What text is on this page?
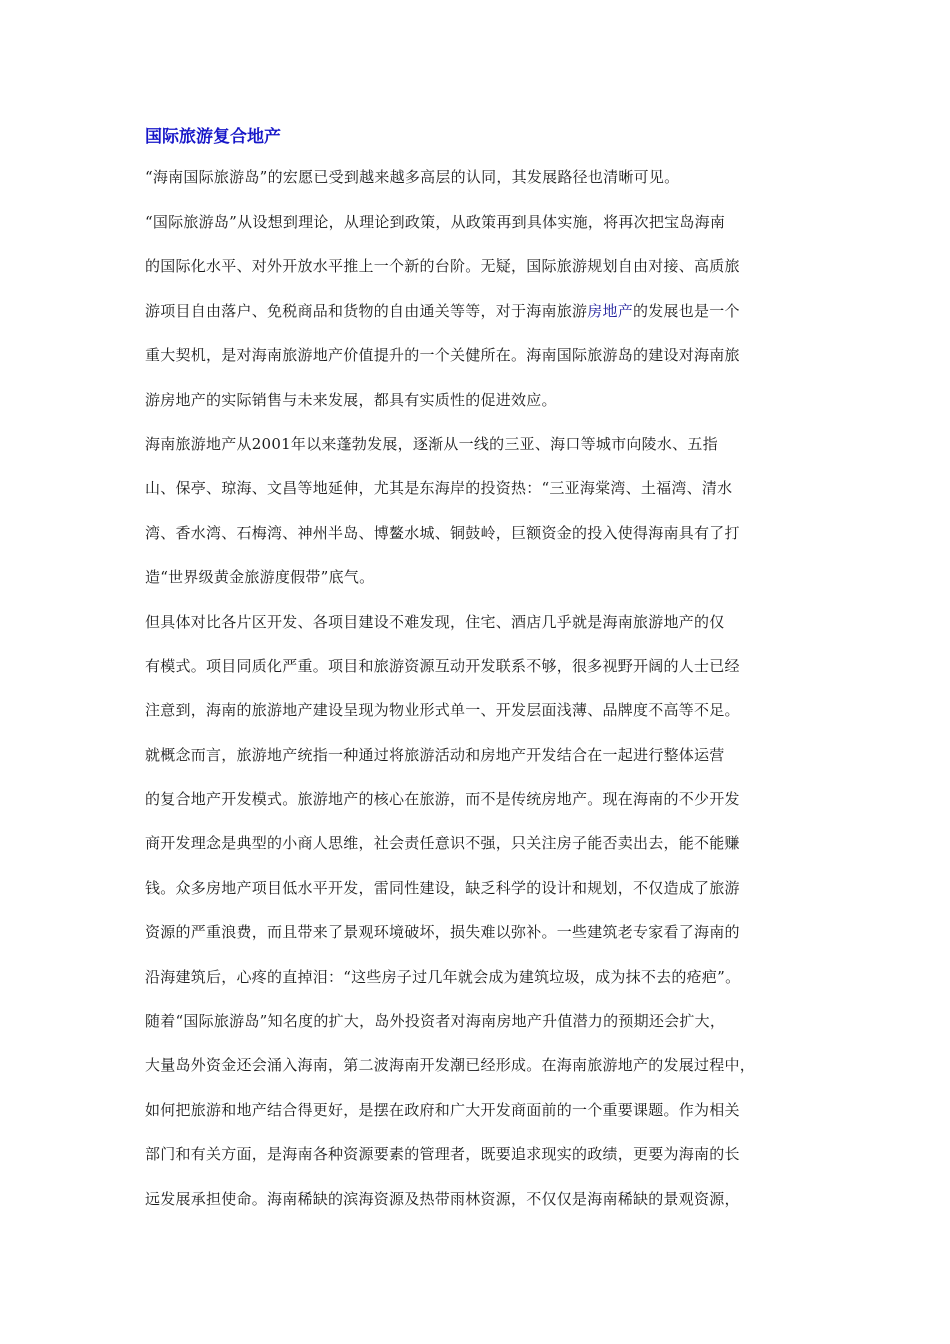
国际旅游复合地产
“海南国际旅游岛”的宏愿已受到越来越多高层的认同，其发展路径也清晰可见。
“国际旅游岛”从设想到理论，从理论到政策，从政策再到具体实施，将再次把宝岛海南
的国际化水平、对外开放水平推上一个新的台阶。无疑，国际旅游规划自由对接、高质旅
游项目自由落户、免税商品和货物的自由通关等等，对于海南旅游房地产的发展也是一个
重大契机，是对海南旅游地产价值提升的一个关健所在。海南国际旅游岛的建设对海南旅
游房地产的实际销售与未来发展，都具有实质性的促进效应。
海南旅游地产从2001年以来蓬勃发展，逐渐从一线的三亚、海口等城市向陵水、五指
山、保亭、琼海、文昌等地延伸，尤其是东海岸的投资热：“三亚海棠湾、土福湾、清水
湾、香水湾、石梅湾、神州半岛、博鳌水城、铜鼓岭，巨额资金的投入使得海南具有了打
造“世界级黄金旅游度假带”底气。
但具体对比各片区开发、各项目建设不难发现，住宅、酒店几乎就是海南旅游地产的仅
有模式。项目同质化严重。项目和旅游资源互动开发联系不够，很多视野开阔的人士已经
注意到，海南的旅游地产建设呈现为物业形式单一、开发层面浅薄、品牌度不高等不足。
就概念而言，旅游地产统指一种通过将旅游活动和房地产开发结合在一起进行整体运营
的复合地产开发模式。旅游地产的核心在旅游，而不是传统房地产。现在海南的不少开发
商开发理念是典型的小商人思维，社会责任意识不强，只关注房子能否卖出去，能不能赚
钱。众多房地产项目低水平开发，雷同性建设，缺乏科学的设计和规划，不仅造成了旅游
资源的严重浪费，而且带来了景观环境破坏，损失难以弥补。一些建筑老专家看了海南的
沿海建筑后，心疼的直掉泪：“这些房子过几年就会成为建筑垃圾，成为抹不去的疮疤”。
随着“国际旅游岛”知名度的扩大，岛外投资者对海南房地产升值潜力的预期还会扩大，
大量岛外资金还会涌入海南，第二波海南开发潮已经形成。在海南旅游地产的发展过程中，
如何把旅游和地产结合得更好，是摆在政府和广大开发商面前的一个重要课题。作为相关
部门和有关方面，是海南各种资源要素的管理者，既要追求现实的政绩，更要为海南的长
远发展承担使命。海南稀缺的滨海资源及热带雨林资源，不仅仅是海南稀缺的景观资源，
